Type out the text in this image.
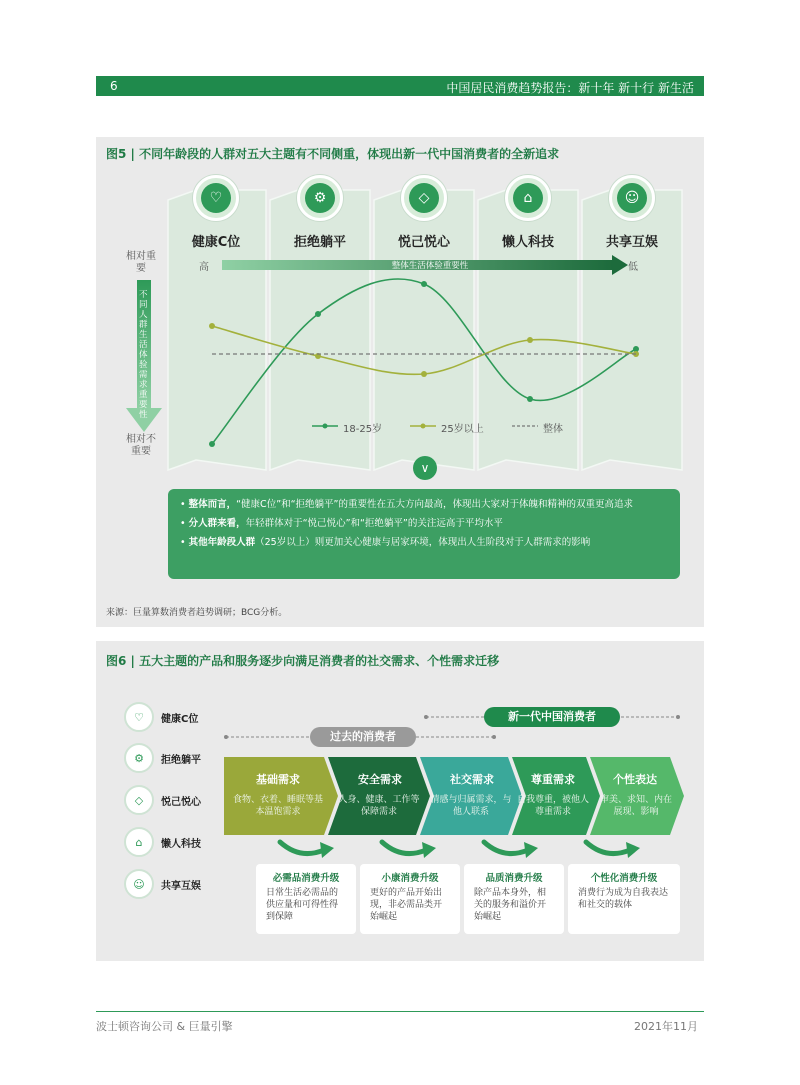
6	中国居民消费趋势报告：新十年 新十行 新生活
图5 | 不同年龄段的人群对五大主题有不同侧重，体现出新一代中国消费者的全新追求
♡
健康C位
⚙
拒绝躺平
◇
悦己悦心
⌂
懒人科技
☺
共享互娱
相对重要
不同人群生活体验需求重要性
相对不重要
高	整体生活体验重要性	低
18-25岁	25岁以上	整体
∨

• 整体而言，“健康C位”和“拒绝躺平”的重要性在五大方向最高，体现出大家对于体魄和精神的双重更高追求

• 分人群来看，年轻群体对于“悦己悦心”和“拒绝躺平”的关注远高于平均水平

• 其他年龄段人群（25岁以上）则更加关心健康与居家环境，体现出人生阶段对于人群需求的影响

来源：巨量算数消费者趋势调研；BCG分析。
图6 | 五大主题的产品和服务逐步向满足消费者的社交需求、个性需求迁移
♡	健康C位
⚙	拒绝躺平
◇	悦己悦心
⌂	懒人科技
☺	共享互娱
过去的消费者
新一代中国消费者
基础需求
食物、衣着、睡眠等基本温饱需求
安全需求
人身、健康、工作等保障需求
社交需求
情感与归属需求，与他人联系
尊重需求
自我尊重，被他人尊重需求
个性表达
审美、求知、内在展现、影响
必需品消费升级
日常生活必需品的供应量和可得性得到保障
小康消费升级
更好的产品开始出现，非必需品类开始崛起
品质消费升级
除产品本身外，相关的服务和溢价开始崛起
个性化消费升级
消费行为成为自我表达和社交的载体
波士顿咨询公司 & 巨量引擎	2021年11月
